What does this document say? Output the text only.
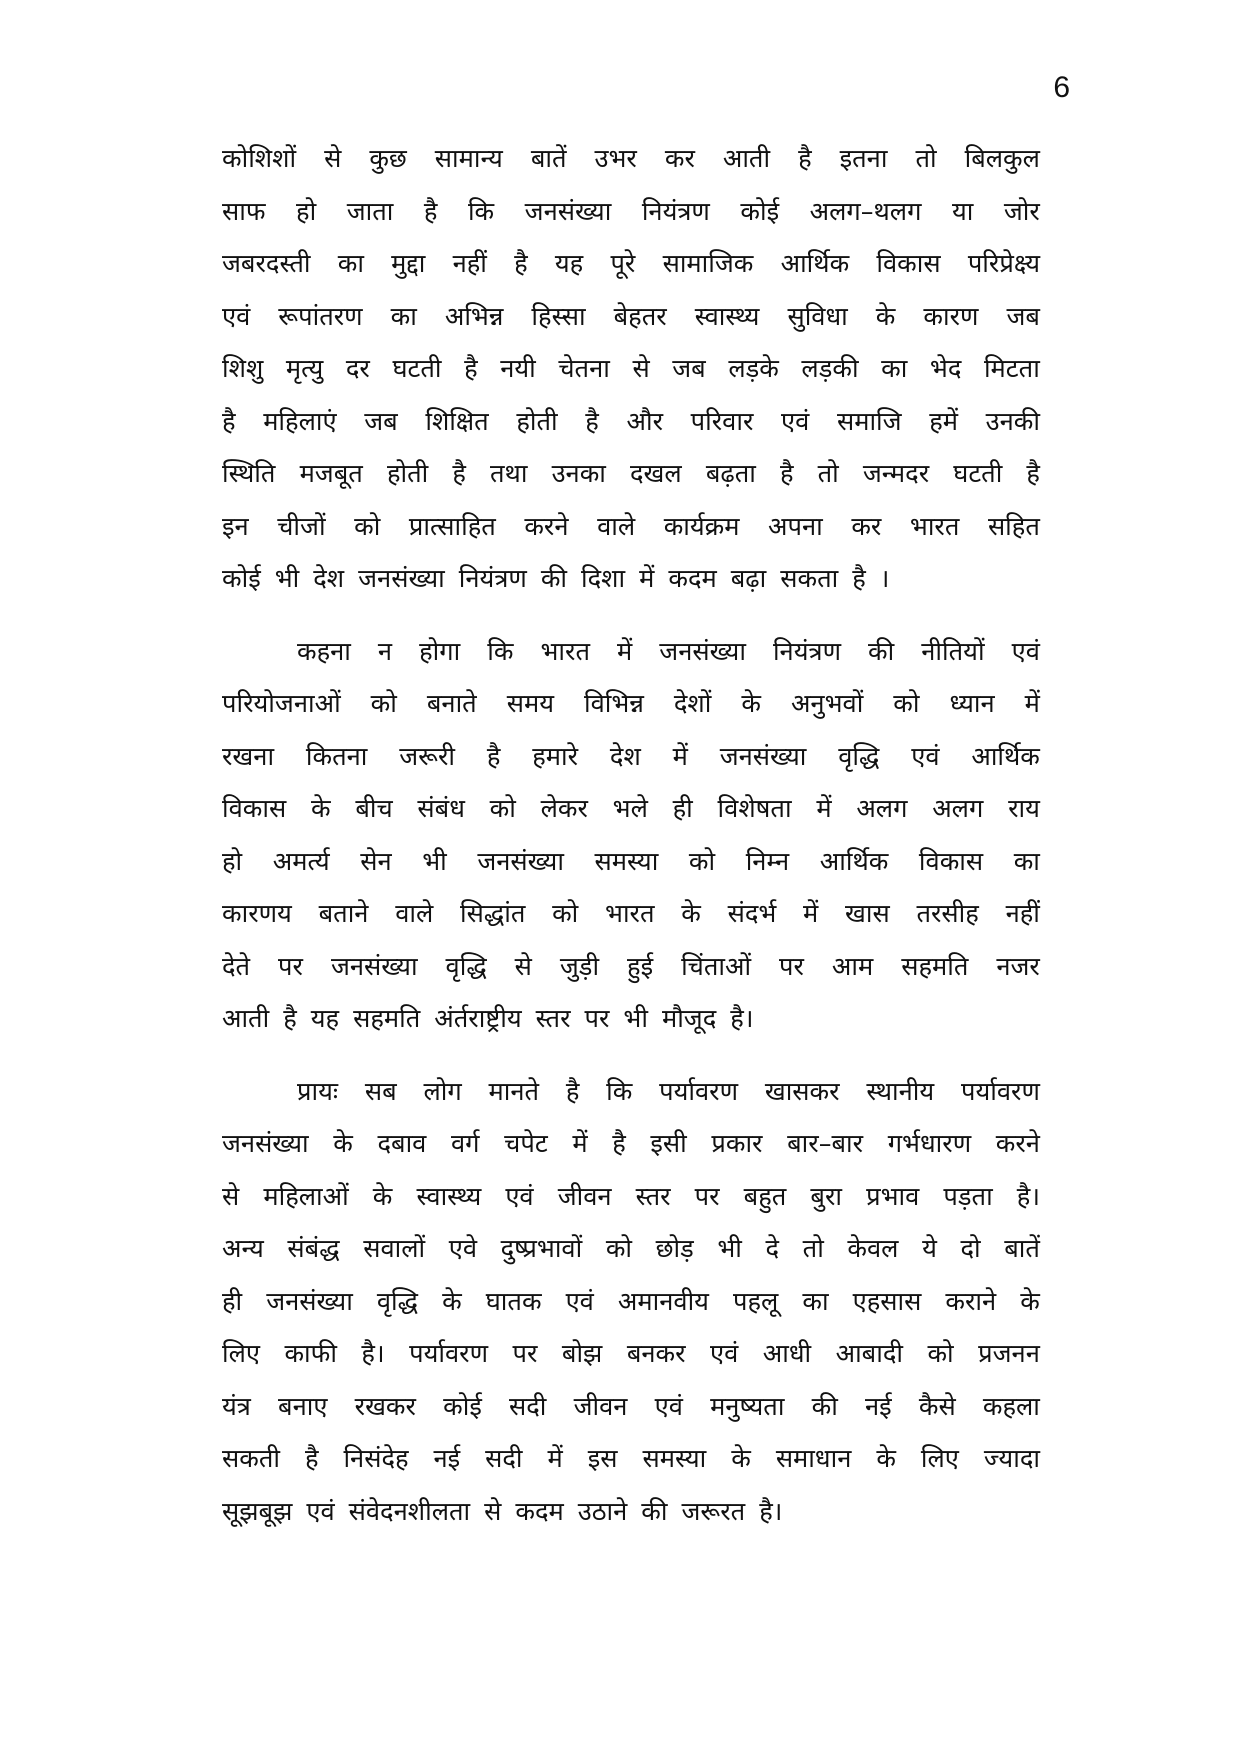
6
कोशिशों से कुछ सामान्य बातें उभर कर आती है इतना तो बिलकुल
साफ हो जाता है कि जनसंख्या नियंत्रण कोई अलग–थलग या जोर
जबरदस्ती का मुद्दा नहीं है यह पूरे सामाजिक आर्थिक विकास परिप्रेक्ष्य
एवं रूपांतरण का अभिन्न हिस्सा बेहतर स्वास्थ्य सुविधा के कारण जब
शिशु मृत्यु दर घटती है नयी चेतना से जब लड़के लड़की का भेद मिटता
है महिलाएं जब शिक्षित होती है और परिवार एवं समाजि हमें उनकी
स्थिति मजबूत होती है तथा उनका दखल बढ़ता है तो जन्मदर घटती है
इन चीजों को प्रात्साहित करने वाले कार्यक्रम अपना कर भारत सहित
कोई भी देश जनसंख्या नियंत्रण की दिशा में कदम बढ़ा सकता है ।
कहना न होगा कि भारत में जनसंख्या नियंत्रण की नीतियों एवं
परियोजनाओं को बनाते समय विभिन्न देशों के अनुभवों को ध्यान में
रखना कितना जरूरी है हमारे देश में जनसंख्या वृद्धि एवं आर्थिक
विकास के बीच संबंध को लेकर भले ही विशेषता में अलग अलग राय
हो अमर्त्य सेन भी जनसंख्या समस्या को निम्न आर्थिक विकास का
कारणय बताने वाले सिद्धांत को भारत के संदर्भ में खास तरसीह नहीं
देते पर जनसंख्या वृद्धि से जुड़ी हुई चिंताओं पर आम सहमति नजर
आती है यह सहमति अंर्तराष्ट्रीय स्तर पर भी मौजूद है।
प्रायः सब लोग मानते है कि पर्यावरण खासकर स्थानीय पर्यावरण
जनसंख्या के दबाव वर्ग चपेट में है इसी प्रकार बार–बार गर्भधारण करने
से महिलाओं के स्वास्थ्य एवं जीवन स्तर पर बहुत बुरा प्रभाव पड़ता है।
अन्य संबंद्ध सवालों एवे दुष्प्रभावों को छोड़ भी दे तो केवल ये दो बातें
ही जनसंख्या वृद्धि के घातक एवं अमानवीय पहलू का एहसास कराने के
लिए काफी है। पर्यावरण पर बोझ बनकर एवं आधी आबादी को प्रजनन
यंत्र बनाए रखकर कोई सदी जीवन एवं मनुष्यता की नई कैसे कहला
सकती है निसंदेह नई सदी में इस समस्या के समाधान के लिए ज्यादा
सूझबूझ एवं संवेदनशीलता से कदम उठाने की जरूरत है।
